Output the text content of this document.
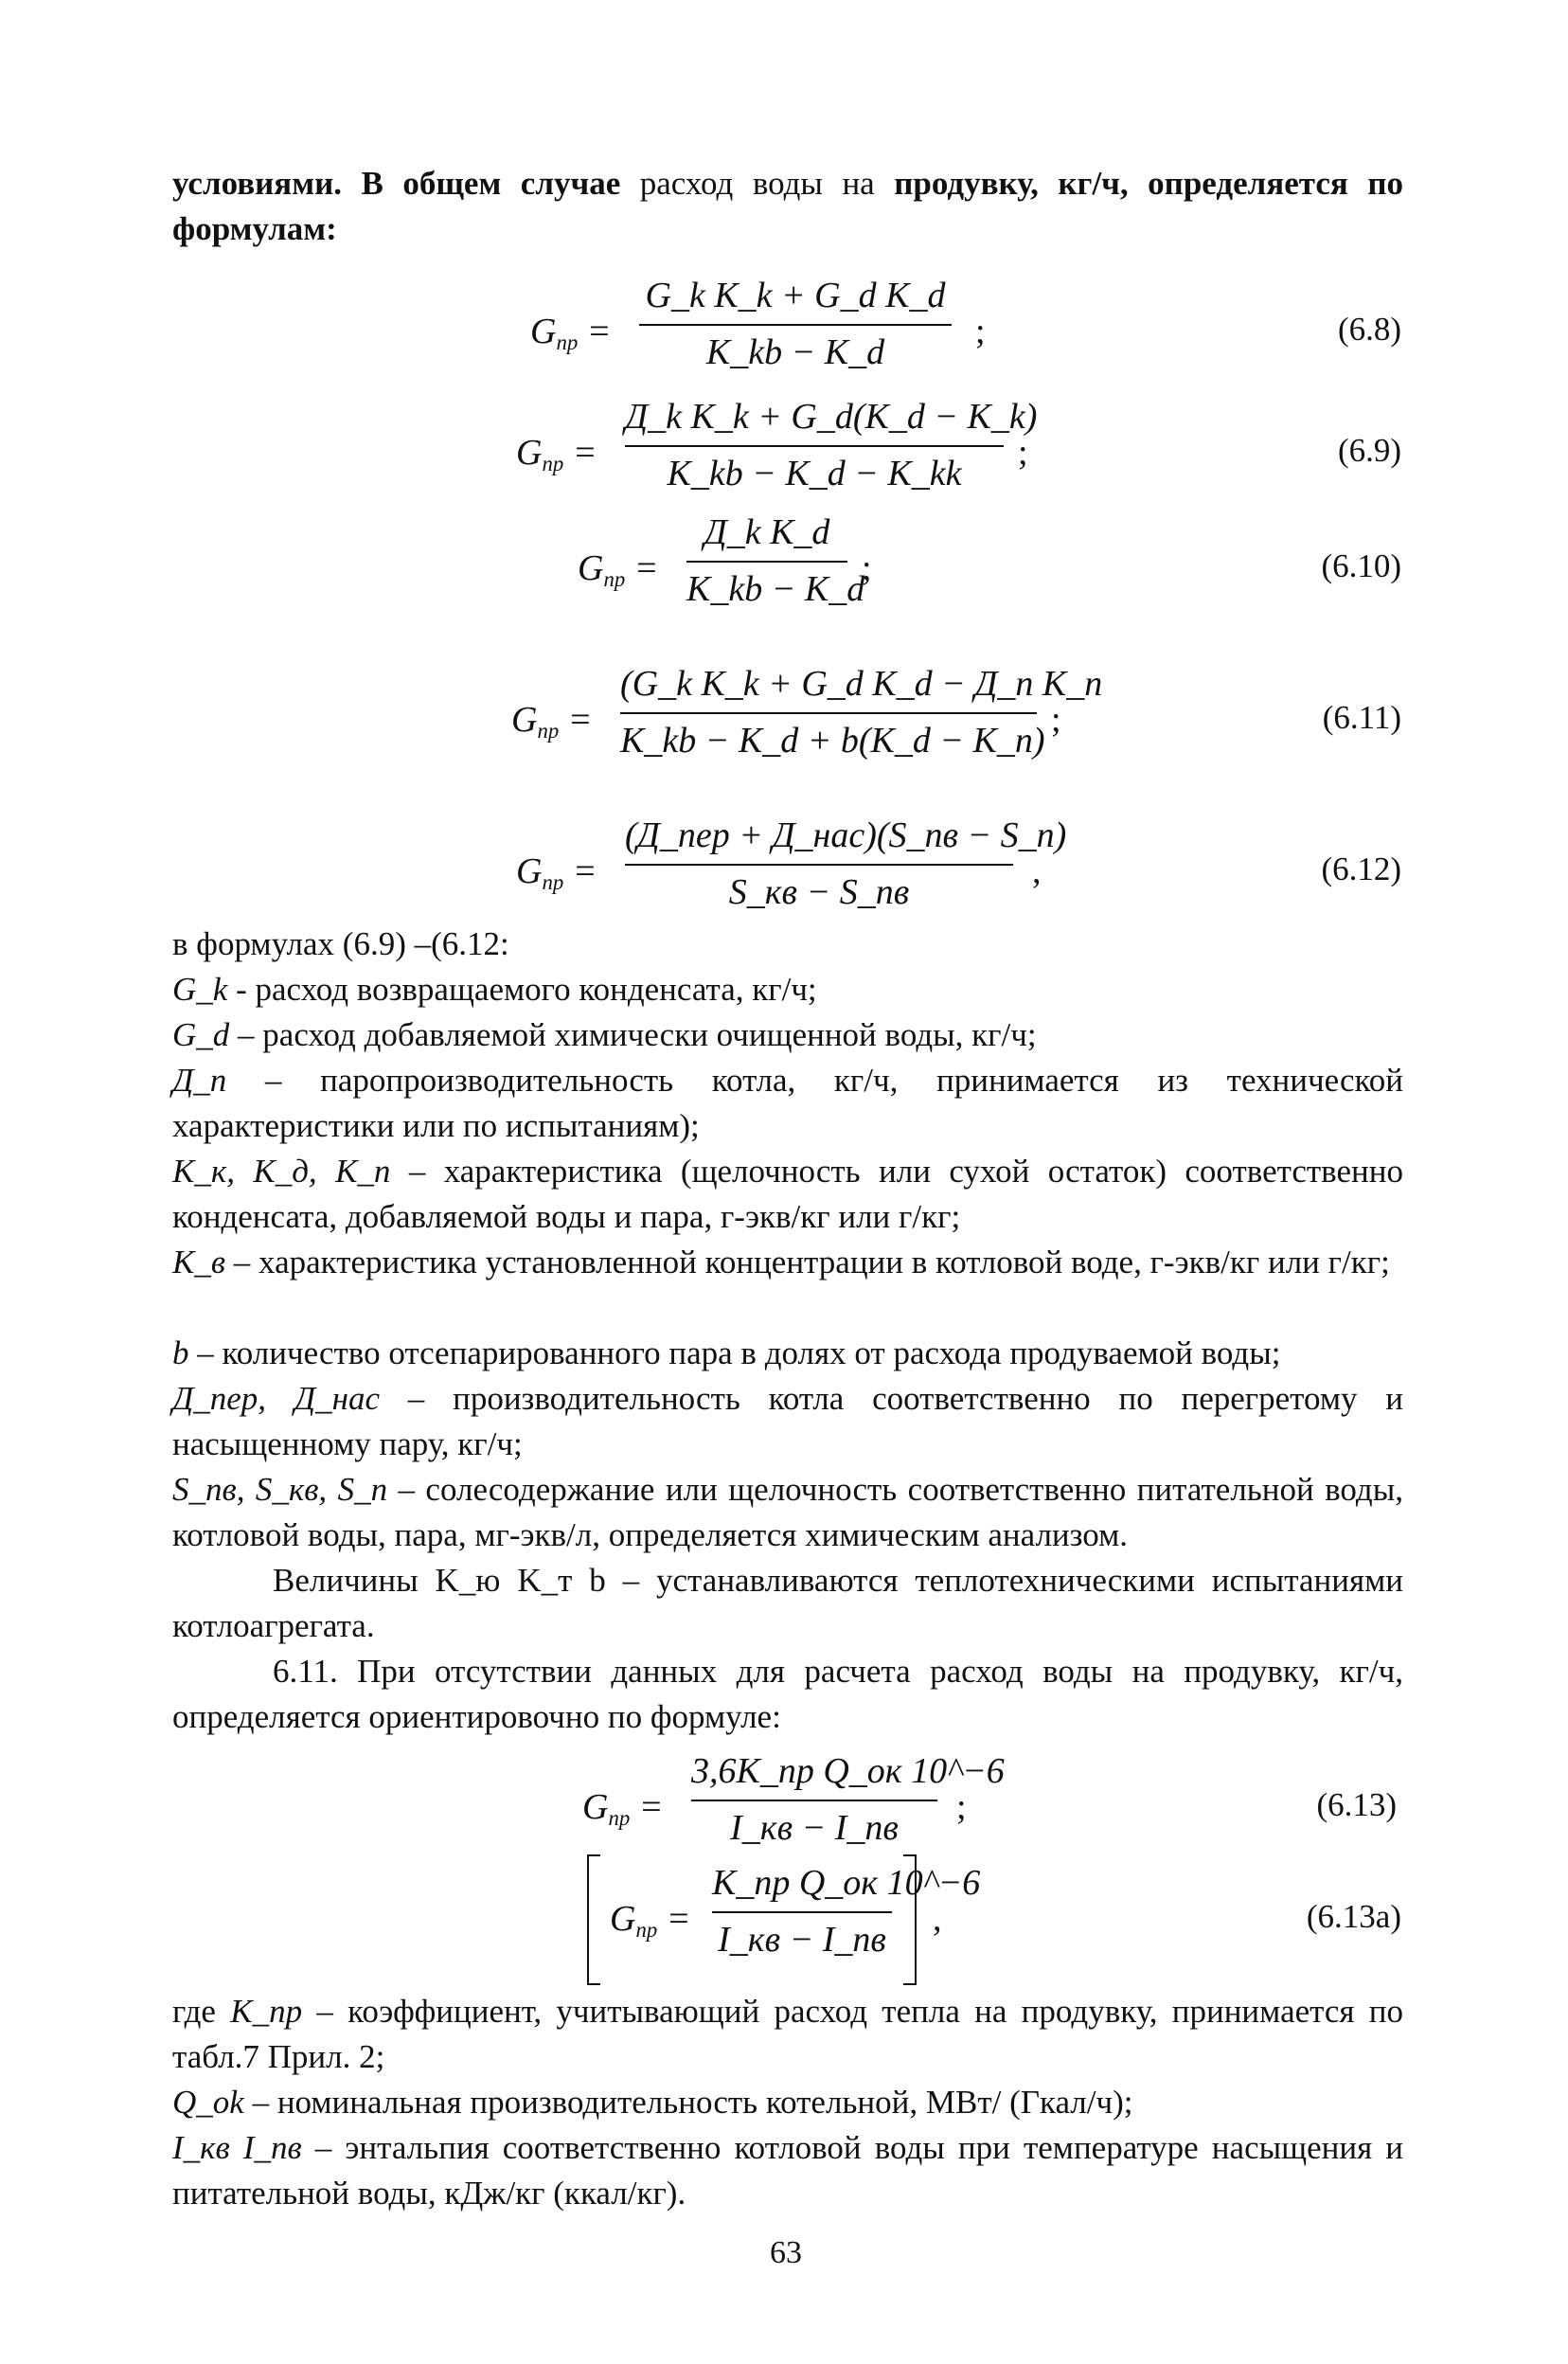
условиями. В общем случае расход воды на продувку, кг/ч, определяется по формулам:

$G_{пр}$ =
G_k K_k + G_d K_d
K_kb − K_d
;	(6.8)
$G_{пр}$ =
Д_k K_k + G_d(K_d − K_k)
K_kb − K_d − K_kk
;	(6.9)
$G_{пр}$ =
Д_k K_d
K_kb − K_d
;	(6.10)
$G_{пр}$ =
(G_k K_k + G_d K_d − Д_n K_n
K_kb − K_d + b(K_d − K_n)
;	(6.11)
$G_{пр}$ =
(Д_пер + Д_нас)(S_пв − S_п)
S_кв − S_пв
,	(6.12)

в формулах (6.9) –(6.12:

G_k - расход возвращаемого конденсата, кг/ч;

G_d – расход добавляемой химически очищенной воды, кг/ч;

Д_п – паропроизводительность котла, кг/ч, принимается из технической характеристики или по испытаниям);

K_к, K_д, K_п – характеристика (щелочность или сухой остаток) соответственно конденсата, добавляемой воды и пара, г-экв/кг или г/кг;

K_в – характеристика установленной концентрации в котловой воде, г-экв/кг или г/кг;

b – количество отсепарированного пара в долях от расхода продуваемой воды;

Д_пер, Д_нас – производительность котла соответственно по перегретому и насыщенному пару, кг/ч;

S_пв, S_кв, S_п – солесодержание или щелочность соответственно питательной воды, котловой воды, пара, мг-экв/л, определяется химическим анализом.

Величины K_ю K_т b – устанавливаются теплотехническими испытаниями котлоагрегата.

6.11. При отсутствии данных для расчета расход воды на продувку, кг/ч, определяется ориентировочно по формуле:

$G_{пр}$ =
3,6K_пр Q_ок 10^−6
I_кв − I_пв
;	(6.13)
$G_{пр}$ =
K_пр Q_ок 10^−6
I_кв − I_пв
,	(6.13а)

где K_пр – коэффициент, учитывающий расход тепла на продувку, принимается по табл.7 Прил. 2;

Q_ok – номинальная производительность котельной, МВт/ (Гкал/ч);

I_кв I_пв – энтальпия соответственно котловой воды при температуре насыщения и питательной воды, кДж/кг (ккал/кг).

63
